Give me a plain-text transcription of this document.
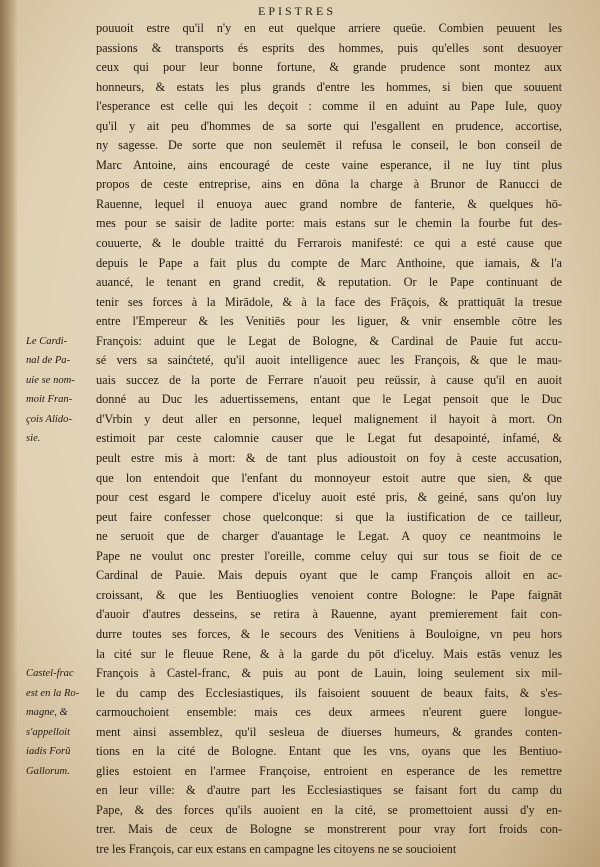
EPISTRES
pouuoit estre qu'il n'y en eut quelque arriere queüe. Combien peuuent les
passions & transports és esprits des hommes, puis qu'elles sont desuoyer
ceux qui pour leur bonne fortune, & grande prudence sont montez aux
honneurs, & estats les plus grands d'entre les hommes, si bien que souuent
l'esperance est celle qui les deçoit : comme il en aduint au Pape Iule, quoy
qu'il y ait peu d'hommes de sa sorte qui l'esgallent en prudence, accortise,
ny sagesse. De sorte que non seulemēt il refusa le conseil, le bon conseil de
Marc Antoine, ains encouragé de ceste vaine esperance, il ne luy tint plus
propos de ceste entreprise, ains en dōna la charge à Brunor de Ranucci de
Rauenne, lequel il enuoya auec grand nombre de fanterie, & quelques hō-
mes pour se saisir de ladite porte: mais estans sur le chemin la fourbe fut des-
couuerte, & le double traitté du Ferrarois manifesté: ce qui a esté cause que
depuis le Pape a fait plus du compte de Marc Anthoine, que iamais, & l'a
auancé, le tenant en grand credit, & reputation. Or le Pape continuant de
tenir ses forces à la Mirādole, & à la face des Frāçois, & prattiquāt la tresue
entre l'Empereur & les Venitiēs pour les liguer, & vnir ensemble cōtre les
François: aduint que le Legat de Bologne, & Cardinal de Pauie fut accu-
sé vers sa sainćteté, qu'il auoit intelligence auec les François, & que le mau-
uais succez de la porte de Ferrare n'auoit peu reüssir, à cause qu'il en auoit
donné au Duc les aduertissemens, entant que le Legat pensoit que le Duc
d'Vrbin y deut aller en personne, lequel malignement il hayoit à mort. On
estimoit par ceste calomnie causer que le Legat fut desapointé, infamé, &
peult estre mis à mort: & de tant plus adioustoit on foy à ceste accusation,
que lon entendoit que l'enfant du monnoyeur estoit autre que sien, & que
pour cest esgard le compere d'iceluy auoit esté pris, & geiné, sans qu'on luy
peut faire confesser chose quelconque: si que la iustification de ce tailleur,
ne seruoit que de charger d'auantage le Legat. A quoy ce neantmoins le
Pape ne voulut onc prester l'oreille, comme celuy qui sur tous se fioit de ce
Cardinal de Pauie. Mais depuis oyant que le camp François alloit en ac-
croissant, & que les Bentiuoglies venoient contre Bologne: le Pape faignāt
d'auoir d'autres desseins, se retira à Rauenne, ayant premierement fait con-
durre toutes ses forces, & le secours des Venitiens à Bouloigne, vn peu hors
la cité sur le fleuue Rene, & à la garde du pōt d'iceluy. Mais estās venuz les
François à Castel-franc, & puis au pont de Lauin, loing seulement six mil-
le du camp des Ecclesiastiques, ils faisoient souuent de beaux faits, & s'es-
carmouchoient ensemble: mais ces deux armees n'eurent guere longue-
ment ainsi assemblez, qu'il sesleua de diuerses humeurs, & grandes conten-
tions en la cité de Bologne. Entant que les vns, oyans que les Bentiuo-
glies estoient en l'armee Françoise, entroient en esperance de les remettre
en leur ville: & d'autre part les Ecclesiastiques se faisant fort du camp du
Pape, & des forces qu'ils auoient en la cité, se promettoient aussi d'y en-
trer. Mais de ceux de Bologne se monstrerent pour vray fort froids con-
tre les François, car eux estans en campagne les citoyens ne se soucioient
Le Cardi-
nal de Pa-
uie se nom-
moit Fran-
çois Alido-
sie.
Castel-frac
est en la Ro-
magne, &
s'appelloit
iadis Forū
Gallorum.
